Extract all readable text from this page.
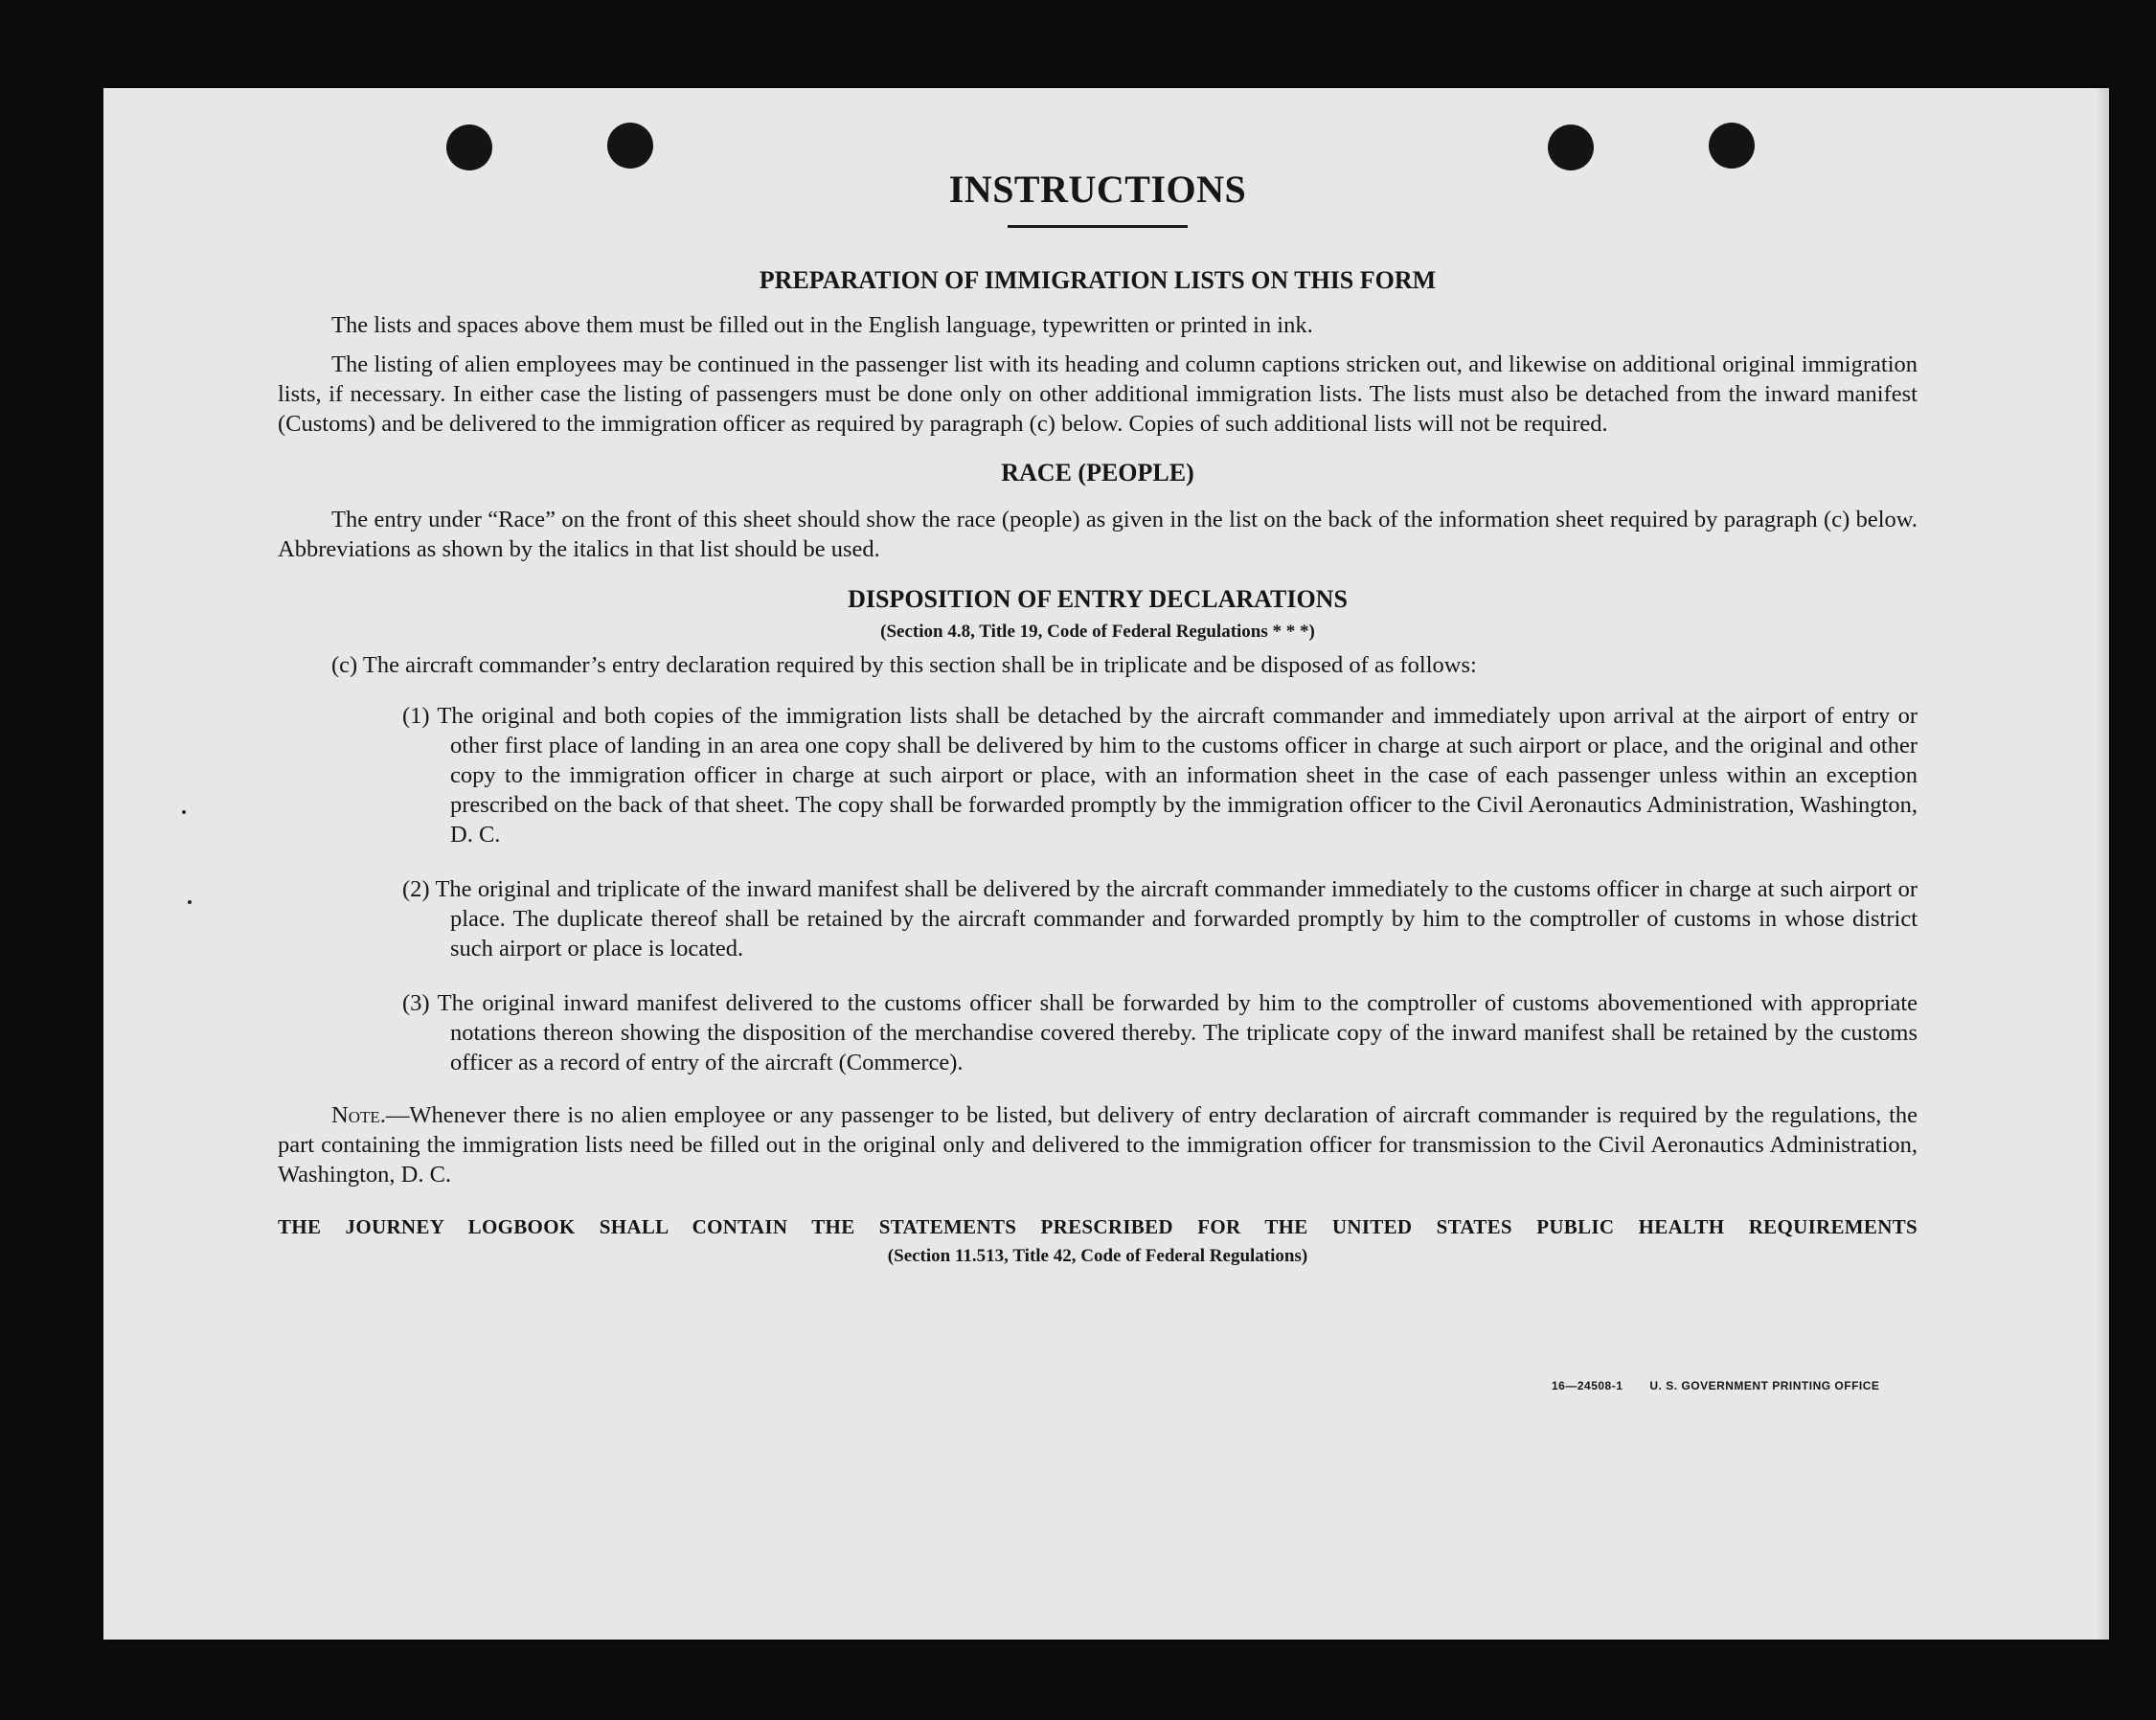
INSTRUCTIONS
PREPARATION OF IMMIGRATION LISTS ON THIS FORM

The lists and spaces above them must be filled out in the English language, typewritten or printed in ink.

The listing of alien employees may be continued in the passenger list with its heading and column captions stricken out, and likewise on additional original immigration lists, if necessary. In either case the listing of passengers must be done only on other additional immigration lists. The lists must also be detached from the inward manifest (Customs) and be delivered to the immigration officer as required by paragraph (c) below. Copies of such additional lists will not be required.

RACE (PEOPLE)

The entry under “Race” on the front of this sheet should show the race (people) as given in the list on the back of the information sheet required by paragraph (c) below. Abbreviations as shown by the italics in that list should be used.

DISPOSITION OF ENTRY DECLARATIONS
(Section 4.8, Title 19, Code of Federal Regulations * * *)

(c) The aircraft commander’s entry declaration required by this section shall be in triplicate and be disposed of as follows:

(1) The original and both copies of the immigration lists shall be detached by the aircraft commander and immediately upon arrival at the airport of entry or other first place of landing in an area one copy shall be delivered by him to the customs officer in charge at such airport or place, and the original and other copy to the immigration officer in charge at such airport or place, with an information sheet in the case of each passenger unless within an exception prescribed on the back of that sheet. The copy shall be forwarded promptly by the immigration officer to the Civil Aeronautics Administration, Washington, D. C.

(2) The original and triplicate of the inward manifest shall be delivered by the aircraft commander immediately to the customs officer in charge at such airport or place. The duplicate thereof shall be retained by the aircraft commander and forwarded promptly by him to the comptroller of customs in whose district such airport or place is located.

(3) The original inward manifest delivered to the customs officer shall be forwarded by him to the comptroller of customs abovementioned with appropriate notations thereon showing the disposition of the merchandise covered thereby. The triplicate copy of the inward manifest shall be retained by the customs officer as a record of entry of the aircraft (Commerce).

Note.—Whenever there is no alien employee or any passenger to be listed, but delivery of entry declaration of aircraft commander is required by the regulations, the part containing the immigration lists need be filled out in the original only and delivered to the immigration officer for transmission to the Civil Aeronautics Administration, Washington, D. C.

THE JOURNEY LOGBOOK SHALL CONTAIN THE STATEMENTS PRESCRIBED FOR THE UNITED STATES PUBLIC HEALTH REQUIREMENTS

(Section 11.513, Title 42, Code of Federal Regulations)
16—24508-1 U. S. GOVERNMENT PRINTING OFFICE
